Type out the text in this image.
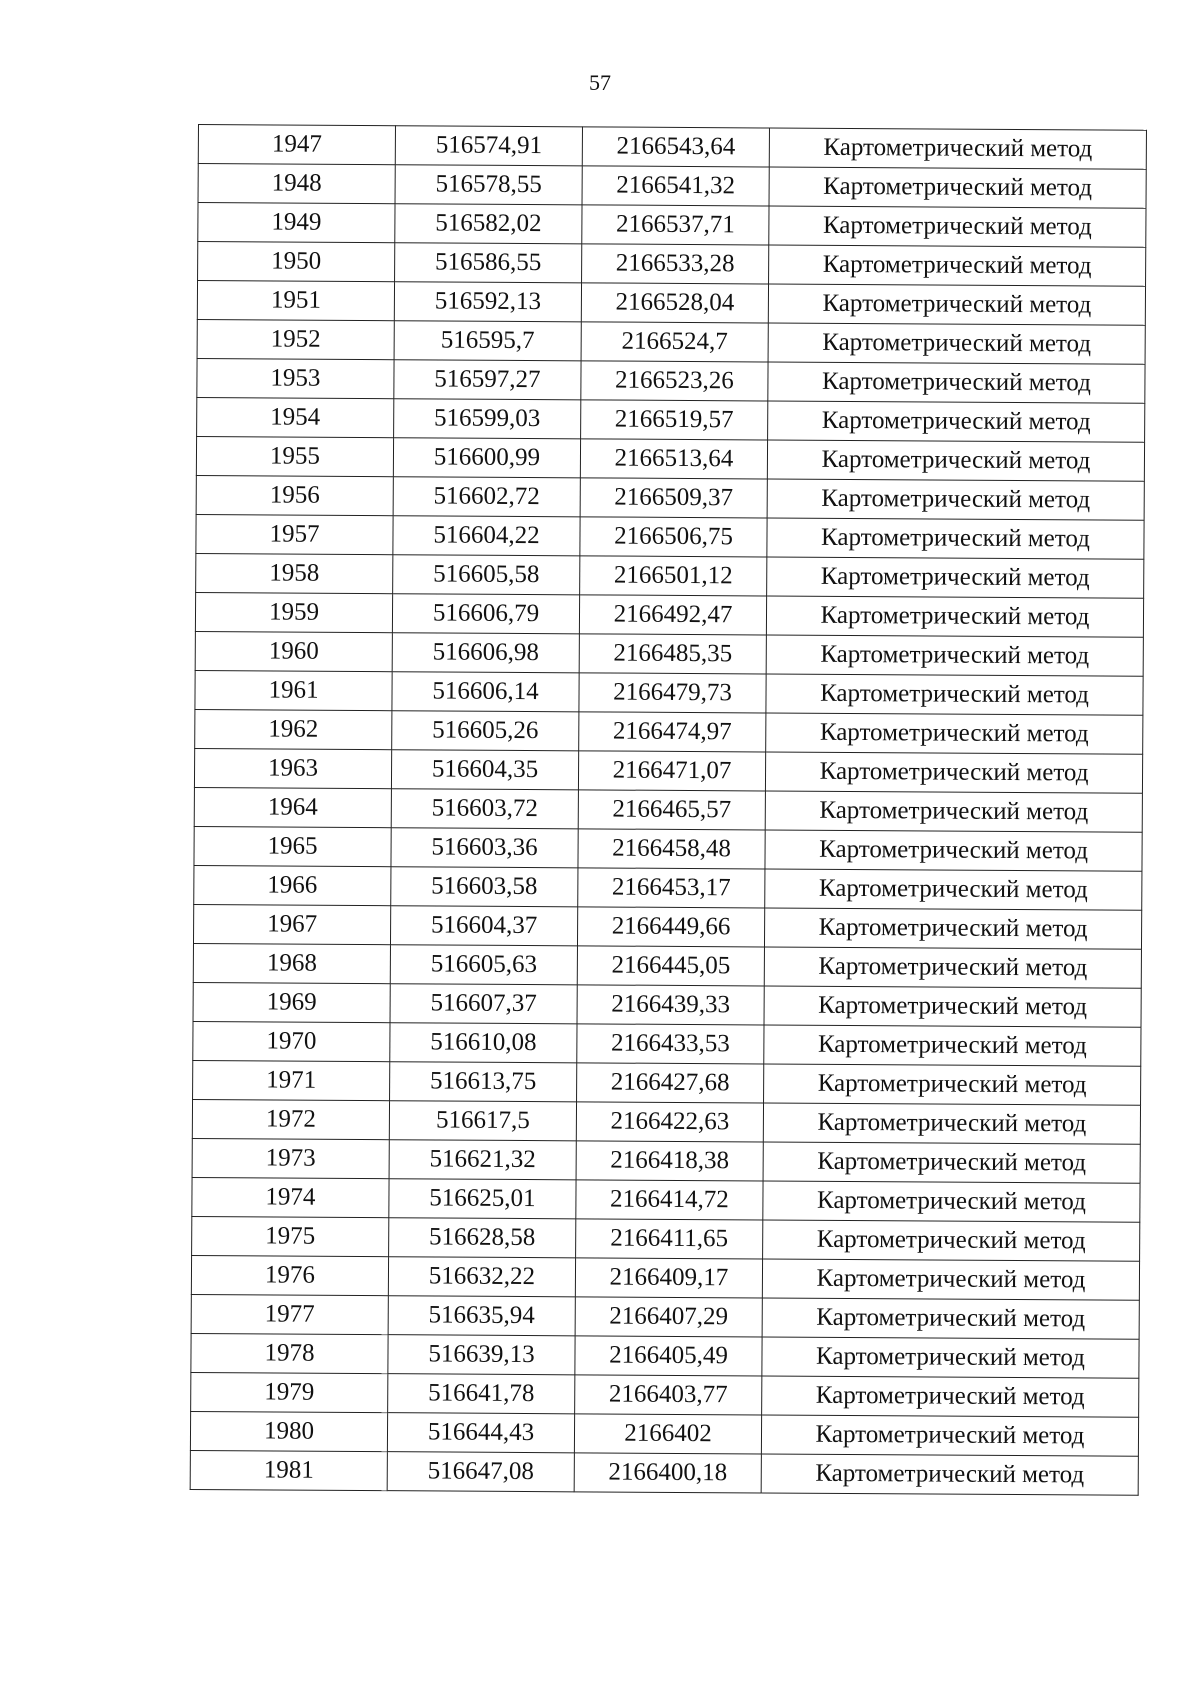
57
1947	516574,91	2166543,64	Картометрический метод
1948	516578,55	2166541,32	Картометрический метод
1949	516582,02	2166537,71	Картометрический метод
1950	516586,55	2166533,28	Картометрический метод
1951	516592,13	2166528,04	Картометрический метод
1952	516595,7	2166524,7	Картометрический метод
1953	516597,27	2166523,26	Картометрический метод
1954	516599,03	2166519,57	Картометрический метод
1955	516600,99	2166513,64	Картометрический метод
1956	516602,72	2166509,37	Картометрический метод
1957	516604,22	2166506,75	Картометрический метод
1958	516605,58	2166501,12	Картометрический метод
1959	516606,79	2166492,47	Картометрический метод
1960	516606,98	2166485,35	Картометрический метод
1961	516606,14	2166479,73	Картометрический метод
1962	516605,26	2166474,97	Картометрический метод
1963	516604,35	2166471,07	Картометрический метод
1964	516603,72	2166465,57	Картометрический метод
1965	516603,36	2166458,48	Картометрический метод
1966	516603,58	2166453,17	Картометрический метод
1967	516604,37	2166449,66	Картометрический метод
1968	516605,63	2166445,05	Картометрический метод
1969	516607,37	2166439,33	Картометрический метод
1970	516610,08	2166433,53	Картометрический метод
1971	516613,75	2166427,68	Картометрический метод
1972	516617,5	2166422,63	Картометрический метод
1973	516621,32	2166418,38	Картометрический метод
1974	516625,01	2166414,72	Картометрический метод
1975	516628,58	2166411,65	Картометрический метод
1976	516632,22	2166409,17	Картометрический метод
1977	516635,94	2166407,29	Картометрический метод
1978	516639,13	2166405,49	Картометрический метод
1979	516641,78	2166403,77	Картометрический метод
1980	516644,43	2166402	Картометрический метод
1981	516647,08	2166400,18	Картометрический метод
